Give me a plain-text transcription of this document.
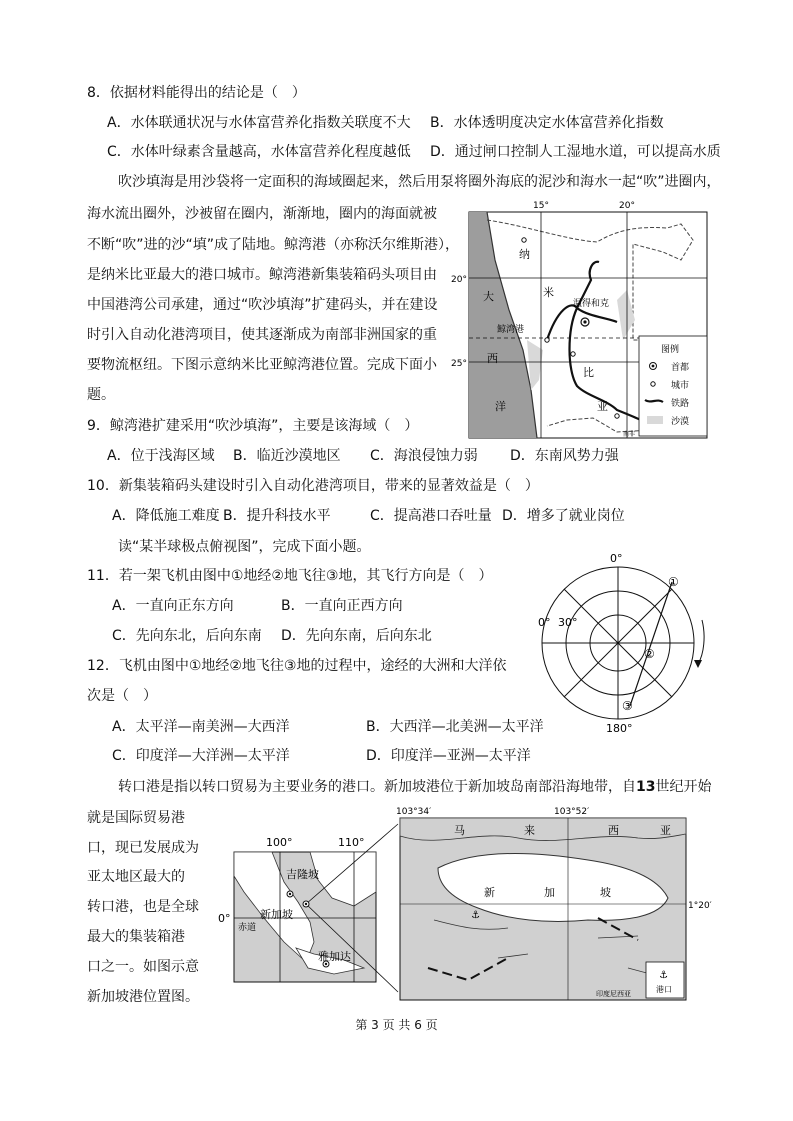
8．依据材料能得出的结论是（　）
A．水体联通状况与水体富营养化指数关联度不大 B．水体透明度决定水体富营养化指数
C．水体叶绿素含量越高，水体富营养化程度越低 D．通过闸口控制人工湿地水道，可以提高水质
吹沙填海是用沙袋将一定面积的海域圈起来，然后用泵将圈外海底的泥沙和海水一起“吹”进圈内，
海水流出圈外，沙被留在圈内，渐渐地，圈内的海面就被
不断“吹”进的沙“填”成了陆地。鲸湾港（亦称沃尔维斯港），
是纳米比亚最大的港口城市。鲸湾港新集装箱码头项目由
中国港湾公司承建，通过“吹沙填海”扩建码头，并在建设
时引入自动化港湾项目，使其逐渐成为南部非洲国家的重
要物流枢纽。下图示意纳米比亚鲸湾港位置。完成下面小
题。
15°	20°
20°
25°
纳
米
比
亚
大
西
洋
温得和克
鲸湾港
图例
首都
城市
铁路
沙漠
南非
9．鲸湾港扩建采用“吹沙填海”，主要是该海域（　）
A．位于浅海区域 B．临近沙漠地区 C．海浪侵蚀力弱 D．东南风势力强
10．新集装箱码头建设时引入自动化港湾项目，带来的显著效益是（　）
A．降低施工难度 B．提升科技水平	C．提高港口吞吐量 D．增多了就业岗位
读“某半球极点俯视图”，完成下面小题。
0°
0° 30°
180°
①
②
③
11．若一架飞机由图中①地经②地飞往③地，其飞行方向是（　）
A．一直向正东方向	B．一直向正西方向
C．先向东北，后向东南 D．先向东南，后向东北
12．飞机由图中①地经②地飞往③地的过程中，途经的大洲和大洋依
次是（　）
A．太平洋—南美洲—大西洋	B．大西洋—北美洲—太平洋
C．印度洋—大洋洲—太平洋	D．印度洋—亚洲—太平洋
转口港是指以转口贸易为主要业务的港口。新加坡港位于新加坡岛南部沿海地带，自13世纪开始
就是国际贸易港
口，现已发展成为
亚太地区最大的
转口港，也是全球
最大的集装箱港
口之一。如图示意
新加坡港位置图。
100°	110°
0°
赤道
吉隆坡
新加坡
雅加达
⚓
⚓
103°34′	103°52′
1°20′
马	来	西	亚
新	加	坡
港口
印度尼西亚
第 3 页 共 6 页
